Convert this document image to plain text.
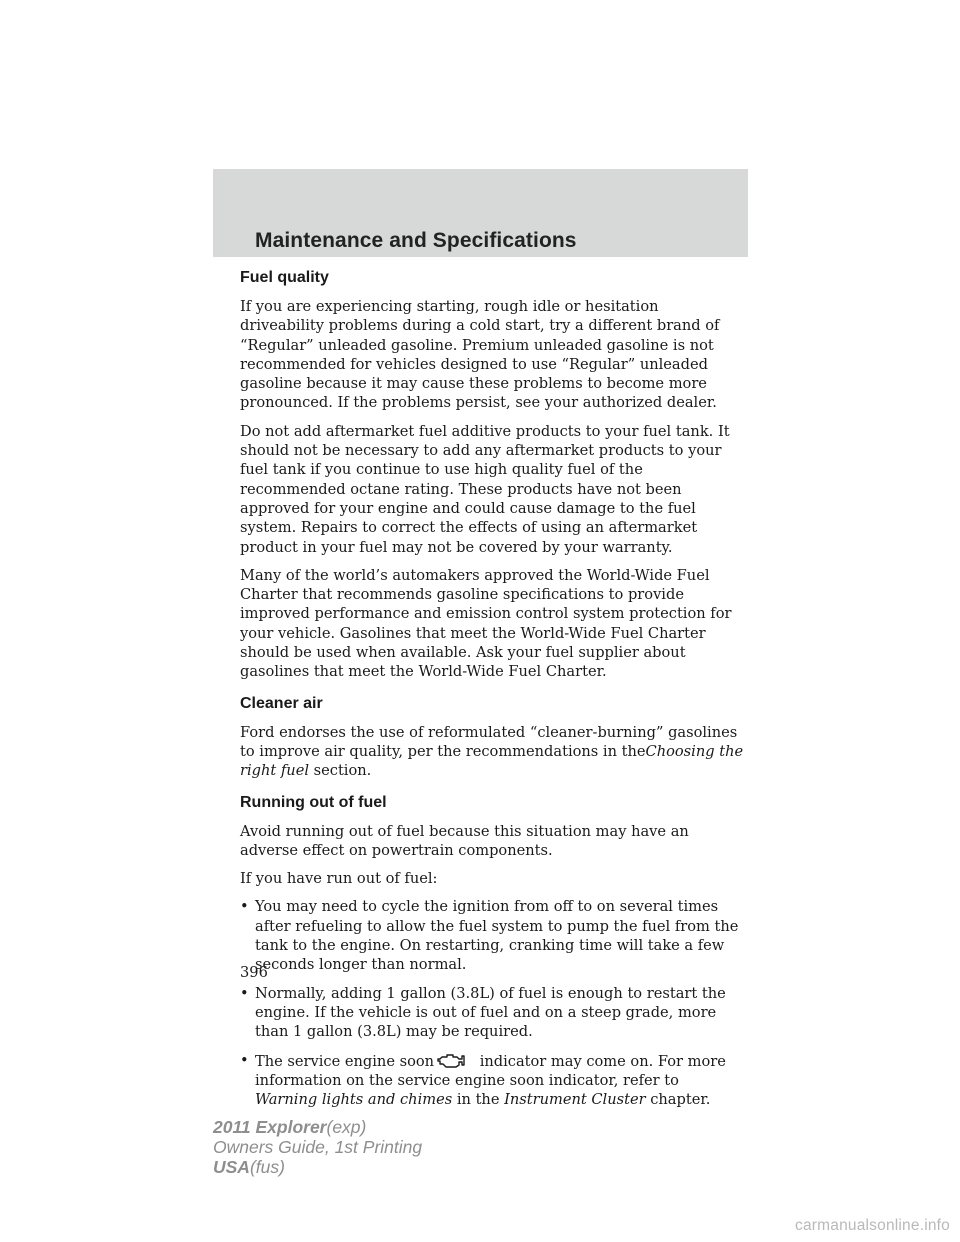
Maintenance and Specifications
Fuel quality

If you are experiencing starting, rough idle or hesitation driveability problems during a cold start, try a different brand of “Regular” unleaded gasoline. Premium unleaded gasoline is not recommended for vehicles designed to use “Regular” unleaded gasoline because it may cause these problems to become more pronounced. If the problems persist, see your authorized dealer.

Do not add aftermarket fuel additive products to your fuel tank. It should not be necessary to add any aftermarket products to your fuel tank if you continue to use high quality fuel of the recommended octane rating. These products have not been approved for your engine and could cause damage to the fuel system. Repairs to correct the effects of using an aftermarket product in your fuel may not be covered by your warranty.

Many of the world’s automakers approved the World-Wide Fuel Charter that recommends gasoline specifications to provide improved performance and emission control system protection for your vehicle. Gasolines that meet the World-Wide Fuel Charter should be used when available. Ask your fuel supplier about gasolines that meet the World-Wide Fuel Charter.

Cleaner air

Ford endorses the use of reformulated “cleaner-burning” gasolines to improve air quality, per the recommendations in theChoosing the right fuel section.

Running out of fuel

Avoid running out of fuel because this situation may have an adverse effect on powertrain components.

If you have run out of fuel:

• You may need to cycle the ignition from off to on several times after refueling to allow the fuel system to pump the fuel from the tank to the engine. On restarting, cranking time will take a few seconds longer than normal.
• Normally, adding 1 gallon (3.8L) of fuel is enough to restart the engine. If the vehicle is out of fuel and on a steep grade, more than 1 gallon (3.8L) may be required.
• The service engine soon	indicator may come on. For more information on the service engine soon indicator, refer to Warning lights and chimes in the Instrument Cluster chapter.
396
2011 Explorer(exp)
Owners Guide, 1st Printing
USA(fus)
carmanualsonline.info
